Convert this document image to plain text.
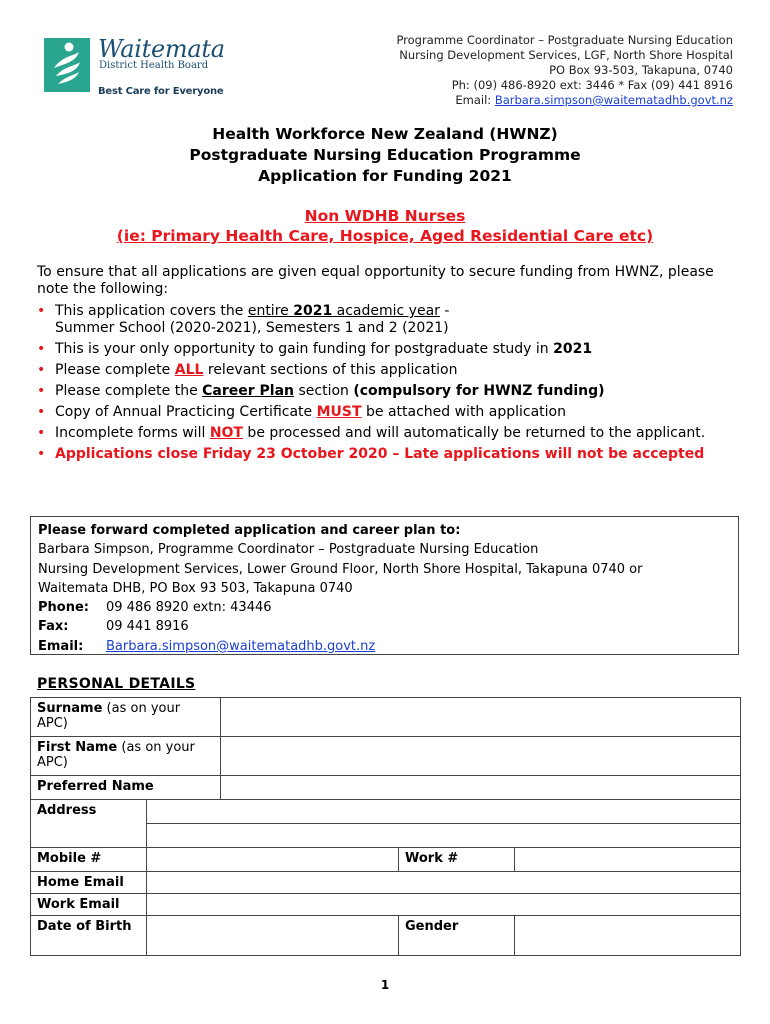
Waitemata
District Health Board
Best Care for Everyone
Programme Coordinator – Postgraduate Nursing Education
Nursing Development Services, LGF, North Shore Hospital
PO Box 93-503, Takapuna, 0740
Ph: (09) 486-8920 ext: 3446 * Fax (09) 441 8916
Email: Barbara.simpson@waitematadhb.govt.nz
Health Workforce New Zealand (HWNZ)
Postgraduate Nursing Education Programme
Application for Funding 2021
Non WDHB Nurses
(ie: Primary Health Care, Hospice, Aged Residential Care etc)
To ensure that all applications are given equal opportunity to secure funding from HWNZ, please note the following:
• This application covers the entire 2021 academic year -
Summer School (2020-2021), Semesters 1 and 2 (2021)
• This is your only opportunity to gain funding for postgraduate study in 2021
• Please complete ALL relevant sections of this application
• Please complete the Career Plan section (compulsory for HWNZ funding)
• Copy of Annual Practicing Certificate MUST be attached with application
• Incomplete forms will NOT be processed and will automatically be returned to the applicant.
• Applications close Friday 23 October 2020 – Late applications will not be accepted
Please forward completed application and career plan to:
Barbara Simpson, Programme Coordinator – Postgraduate Nursing Education
Nursing Development Services, Lower Ground Floor, North Shore Hospital, Takapuna 0740 or
Waitemata DHB, PO Box 93 503, Takapuna 0740
Phone:	09 486 8920 extn: 43446
Fax:	09 441 8916
Email:	Barbara.simpson@waitematadhb.govt.nz
PERSONAL DETAILS
Surname (as on your APC)
First Name (as on your APC)
Preferred Name
Address
Mobile #	Work #
Home Email
Work Email
Date of Birth	Gender
1
